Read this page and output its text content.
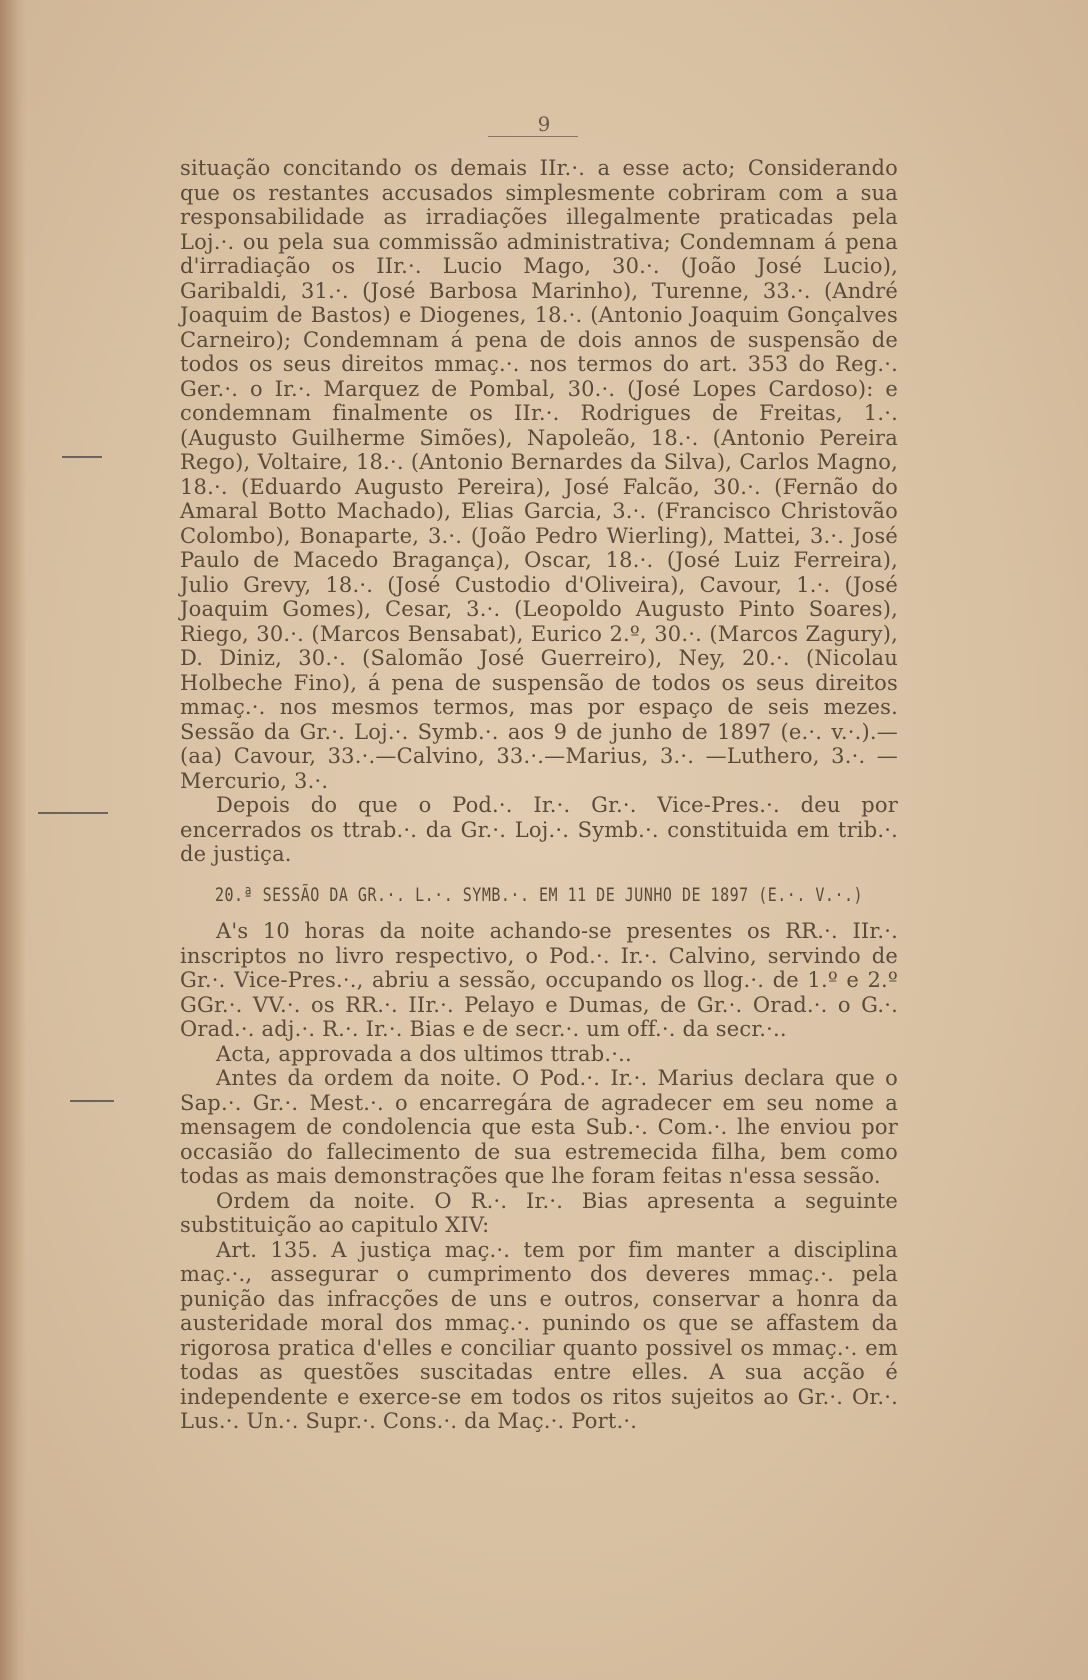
9

situação concitando os demais IIr.·. a esse acto; Considerando que os restantes accusados simplesmente cobriram com a sua responsabilidade as irradiações illegalmente praticadas pela Loj.·. ou pela sua commissão administrativa; Condemnam á pena d'irradiação os IIr.·. Lucio Mago, 30.·. (João José Lucio), Garibaldi, 31.·. (José Barbosa Marinho), Turenne, 33.·. (André Joaquim de Bastos) e Diogenes, 18.·. (Antonio Joaquim Gonçalves Carneiro); Condemnam á pena de dois annos de suspensão de todos os seus direitos mmaç.·. nos termos do art. 353 do Reg.·. Ger.·. o Ir.·. Marquez de Pombal, 30.·. (José Lopes Cardoso): e condemnam finalmente os IIr.·. Rodrigues de Freitas, 1.·. (Augusto Guilherme Simões), Napoleão, 18.·. (Antonio Pereira Rego), Voltaire, 18.·. (Antonio Bernardes da Silva), Carlos Magno, 18.·. (Eduardo Augusto Pereira), José Falcão, 30.·. (Fernão do Amaral Botto Machado), Elias Garcia, 3.·. (Francisco Christovão Colombo), Bonaparte, 3.·. (João Pedro Wierling), Mattei, 3.·. José Paulo de Macedo Bragança), Oscar, 18.·. (José Luiz Ferreira), Julio Grevy, 18.·. (José Custodio d'Oliveira), Cavour, 1.·. (José Joaquim Gomes), Cesar, 3.·. (Leopoldo Augusto Pinto Soares), Riego, 30.·. (Marcos Bensabat), Eurico 2.º, 30.·. (Marcos Zagury), D. Diniz, 30.·. (Salomão José Guerreiro), Ney, 20.·. (Nicolau Holbeche Fino), á pena de suspensão de todos os seus direitos mmaç.·. nos mesmos termos, mas por espaço de seis mezes. Sessão da Gr.·. Loj.·. Symb.·. aos 9 de junho de 1897 (e.·. v.·.).—(aa) Cavour, 33.·.—Calvino, 33.·.—Marius, 3.·. —Luthero, 3.·. —Mercurio, 3.·.

Depois do que o Pod.·. Ir.·. Gr.·. Vice-Pres.·. deu por encerrados os ttrab.·. da Gr.·. Loj.·. Symb.·. constituida em trib.·. de justiça.

20.ª SESSÃO DA GR.·. L.·. SYMB.·. EM 11 DE JUNHO DE 1897 (E.·. V.·.)

A's 10 horas da noite achando-se presentes os RR.·. IIr.·. inscriptos no livro respectivo, o Pod.·. Ir.·. Calvino, servindo de Gr.·. Vice-Pres.·., abriu a sessão, occupando os llog.·. de 1.º e 2.º GGr.·. VV.·. os RR.·. IIr.·. Pelayo e Dumas, de Gr.·. Orad.·. o G.·. Orad.·. adj.·. R.·. Ir.·. Bias e de secr.·. um off.·. da secr.·..

Acta, approvada a dos ultimos ttrab.·..

Antes da ordem da noite. O Pod.·. Ir.·. Marius declara que o Sap.·. Gr.·. Mest.·. o encarregára de agradecer em seu nome a mensagem de condolencia que esta Sub.·. Com.·. lhe enviou por occasião do fallecimento de sua estremecida filha, bem como todas as mais demonstrações que lhe foram feitas n'essa sessão.

Ordem da noite. O R.·. Ir.·. Bias apresenta a seguinte substituição ao capitulo XIV:

Art. 135. A justiça maç.·. tem por fim manter a disciplina maç.·., assegurar o cumprimento dos deveres mmaç.·. pela punição das infracções de uns e outros, conservar a honra da austeridade moral dos mmaç.·. punindo os que se affastem da rigorosa pratica d'elles e conciliar quanto possivel os mmaç.·. em todas as questões suscitadas entre elles. A sua acção é independente e exerce-se em todos os ritos sujeitos ao Gr.·. Or.·. Lus.·. Un.·. Supr.·. Cons.·. da Maç.·. Port.·.
